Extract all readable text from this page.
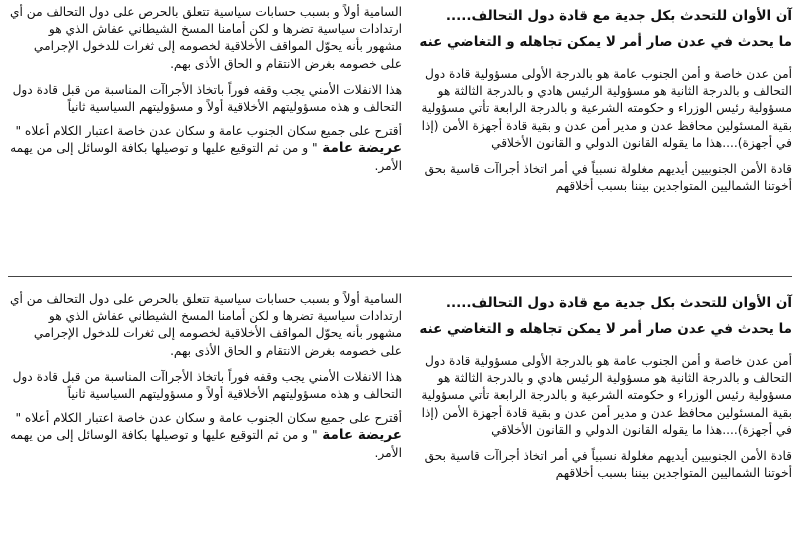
آن الأوان للتحدث بكل جدية مع قادة دول التحالف.....
ما يحدث في عدن صار أمر لا يمكن تجاهله و التغاضي عنه

أمن عدن خاصة و أمن الجنوب عامة هو بالدرجة الأولى مسؤولية قادة دول التحالف و بالدرجة الثانية هو مسؤولية الرئيس هادي و بالدرجة الثالثة هو مسؤولية رئيس الوزراء و حكومته الشرعية و بالدرجة الرابعة تأتي مسؤولية بقية المسئولين محافظ عدن و مدير أمن عدن و بقية قادة أجهزة الأمن (إذا في أجهزة)....هذا ما يقوله القانون الدولي و القانون الأخلاقي

قادة الأمن الجنوبيين أيديهم مغلولة نسبياً في أمر اتخاذ أجراآت قاسية بحق أخوتنا الشماليين المتواجدين بيننا بسبب أخلاقهم

السامية أولاً و بسبب حسابات سياسية تتعلق بالحرص على دول التحالف من أي ارتدادات سياسية تضرها و لكن أمامنا المسخ الشيطاني عفاش الذي هو مشهور بأنه يحوّل المواقف الأخلاقية لخصومه إلى ثغرات للدخول الإجرامي على خصومه بغرض الانتقام و الحاق الأذى بهم.

هذا الانفلات الأمني يجب وقفه فوراً باتخاذ الأجراآت المناسبة من قبل قادة دول التحالف و هذه مسؤوليتهم الأخلاقية أولاً و مسؤوليتهم السياسية ثانياً

أقترح على جميع سكان الجنوب عامة و سكان عدن خاصة اعتبار الكلام أعلاه " عريضة عامة " و من ثم التوقيع عليها و توصيلها بكافة الوسائل إلى من يهمه الأمر.

آن الأوان للتحدث بكل جدية مع قادة دول التحالف.....
ما يحدث في عدن صار أمر لا يمكن تجاهله و التغاضي عنه

أمن عدن خاصة و أمن الجنوب عامة هو بالدرجة الأولى مسؤولية قادة دول التحالف و بالدرجة الثانية هو مسؤولية الرئيس هادي و بالدرجة الثالثة هو مسؤولية رئيس الوزراء و حكومته الشرعية و بالدرجة الرابعة تأتي مسؤولية بقية المسئولين محافظ عدن و مدير أمن عدن و بقية قادة أجهزة الأمن (إذا في أجهزة)....هذا ما يقوله القانون الدولي و القانون الأخلاقي

قادة الأمن الجنوبيين أيديهم مغلولة نسبياً في أمر اتخاذ أجراآت قاسية بحق أخوتنا الشماليين المتواجدين بيننا بسبب أخلاقهم

السامية أولاً و بسبب حسابات سياسية تتعلق بالحرص على دول التحالف من أي ارتدادات سياسية تضرها و لكن أمامنا المسخ الشيطاني عفاش الذي هو مشهور بأنه يحوّل المواقف الأخلاقية لخصومه إلى ثغرات للدخول الإجرامي على خصومه بغرض الانتقام و الحاق الأذى بهم.

هذا الانفلات الأمني يجب وقفه فوراً باتخاذ الأجراآت المناسبة من قبل قادة دول التحالف و هذه مسؤوليتهم الأخلاقية أولاً و مسؤوليتهم السياسية ثانياً

أقترح على جميع سكان الجنوب عامة و سكان عدن خاصة اعتبار الكلام أعلاه " عريضة عامة " و من ثم التوقيع عليها و توصيلها بكافة الوسائل إلى من يهمه الأمر.
